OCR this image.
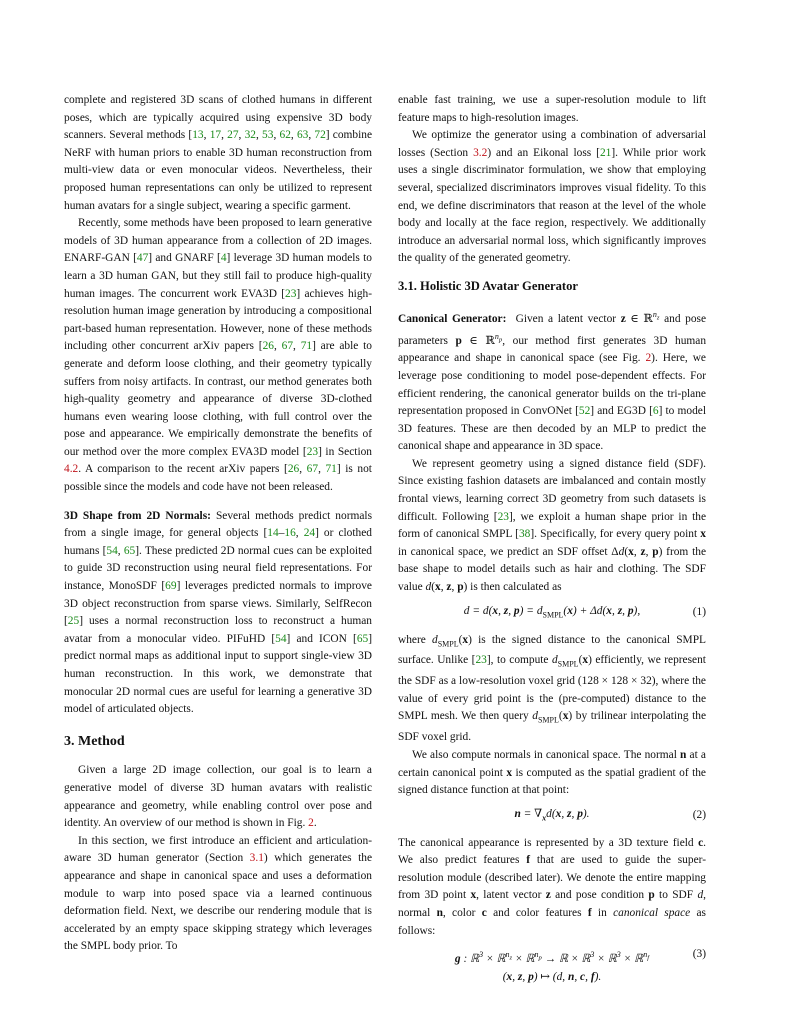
complete and registered 3D scans of clothed humans in different poses, which are typically acquired using expensive 3D body scanners. Several methods [13, 17, 27, 32, 53, 62, 63, 72] combine NeRF with human priors to enable 3D human reconstruction from multi-view data or even monocular videos. Nevertheless, their proposed human representations can only be utilized to represent human avatars for a single subject, wearing a specific garment.

Recently, some methods have been proposed to learn generative models of 3D human appearance from a collection of 2D images. ENARF-GAN [47] and GNARF [4] leverage 3D human models to learn a 3D human GAN, but they still fail to produce high-quality human images. The concurrent work EVA3D [23] achieves high-resolution human image generation by introducing a compositional part-based human representation. However, none of these methods including other concurrent arXiv papers [26, 67, 71] are able to generate and deform loose clothing, and their geometry typically suffers from noisy artifacts. In contrast, our method generates both high-quality geometry and appearance of diverse 3D-clothed humans even wearing loose clothing, with full control over the pose and appearance. We empirically demonstrate the benefits of our method over the more complex EVA3D model [23] in Section 4.2. A comparison to the recent arXiv papers [26, 67, 71] is not possible since the models and code have not been released.

3D Shape from 2D Normals: Several methods predict normals from a single image, for general objects [14–16, 24] or clothed humans [54, 65]. These predicted 2D normal cues can be exploited to guide 3D reconstruction using neural field representations. For instance, MonoSDF [69] leverages predicted normals to improve 3D object reconstruction from sparse views. Similarly, SelfRecon [25] uses a normal reconstruction loss to reconstruct a human avatar from a monocular video. PIFuHD [54] and ICON [65] predict normal maps as additional input to support single-view 3D human reconstruction. In this work, we demonstrate that monocular 2D normal cues are useful for learning a generative 3D model of articulated objects.

3. Method

Given a large 2D image collection, our goal is to learn a generative model of diverse 3D human avatars with realistic appearance and geometry, while enabling control over pose and identity. An overview of our method is shown in Fig. 2.

In this section, we first introduce an efficient and articulation-aware 3D human generator (Section 3.1) which generates the appearance and shape in canonical space and uses a deformation module to warp into posed space via a learned continuous deformation field. Next, we describe our rendering module that is accelerated by an empty space skipping strategy which leverages the SMPL body prior. To

enable fast training, we use a super-resolution module to lift feature maps to high-resolution images.

We optimize the generator using a combination of adversarial losses (Section 3.2) and an Eikonal loss [21]. While prior work uses a single discriminator formulation, we show that employing several, specialized discriminators improves visual fidelity. To this end, we define discriminators that reason at the level of the whole body and locally at the face region, respectively. We additionally introduce an adversarial normal loss, which significantly improves the quality of the generated geometry.

3.1. Holistic 3D Avatar Generator

Canonical Generator:  Given a latent vector z ∈ ℝ$^{n_z}$ and pose parameters p ∈ ℝ$^{n_p}$, our method first generates 3D human appearance and shape in canonical space (see Fig. 2). Here, we leverage pose conditioning to model pose-dependent effects. For efficient rendering, the canonical generator builds on the tri-plane representation proposed in ConvONet [52] and EG3D [6] to model 3D features. These are then decoded by an MLP to predict the canonical shape and appearance in 3D space.

We represent geometry using a signed distance field (SDF). Since existing fashion datasets are imbalanced and contain mostly frontal views, learning correct 3D geometry from such datasets is difficult. Following [23], we exploit a human shape prior in the form of canonical SMPL [38]. Specifically, for every query point x in canonical space, we predict an SDF offset Δd(x, z, p) from the base shape to model details such as hair and clothing. The SDF value d(x, z, p) is then calculated as

d = d(x, z, $p) = d_{SMPL}(x) + \Delta d(x$, z, p),	(1)

where $d_{SMPL}(x)$ is the signed distance to the canonical SMPL surface. Unlike [23], to compute $d_{SMPL}(x)$ efficiently, we represent the SDF as a low-resolution voxel grid (128 × 128 × 32), where the value of every grid point is the (pre-computed) distance to the SMPL mesh. We then query $d_{SMPL}(x)$ by trilinear interpolating the SDF voxel grid.

We also compute normals in canonical space. The normal n at a certain canonical point x is computed as the spatial gradient of the signed distance function at that point:

$n = \nabla_xd(x$, z, p).	(2)

The canonical appearance is represented by a 3D texture field c. We also predict features f that are used to guide the super-resolution module (described later). We denote the entire mapping from 3D point x, latent vector z and pose condition p to SDF d, normal n, color c and color features f in canonical space as follows:

g : ℝ$^3$ × ℝ$^{n_z}$ × ℝ$^{n_p}$ → ℝ × ℝ$^3$ × ℝ$^3$ × ℝ$^{n_f}$
(x, z, p) ↦ (d, n, c, f).
(3)
